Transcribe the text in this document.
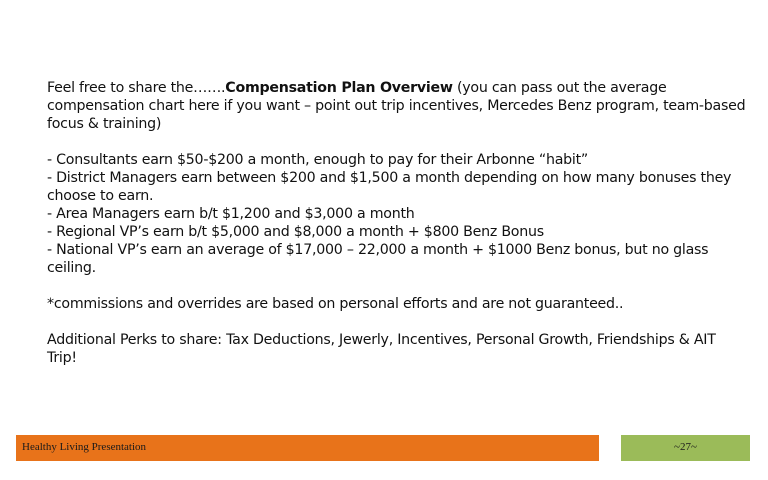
Feel free to share the…….Compensation Plan Overview (you can pass out the average compensation chart here if you want – point out trip incentives, Mercedes Benz program, team-based focus & training)

- Consultants earn $50-$200 a month, enough to pay for their Arbonne “habit”

- District Managers earn between $200 and $1,500 a month depending on how many bonuses they choose to earn.

- Area Managers earn b/t $1,200 and $3,000 a month

- Regional VP’s earn b/t $5,000 and $8,000 a month + $800 Benz Bonus

- National VP’s earn an average of $17,000 – 22,000 a month + $1000 Benz bonus, but no glass ceiling.

*commissions and overrides are based on personal efforts and are not guaranteed..

Additional Perks to share: Tax Deductions, Jewerly, Incentives, Personal Growth, Friendships & AIT Trip!

Healthy Living Presentation	~27~
